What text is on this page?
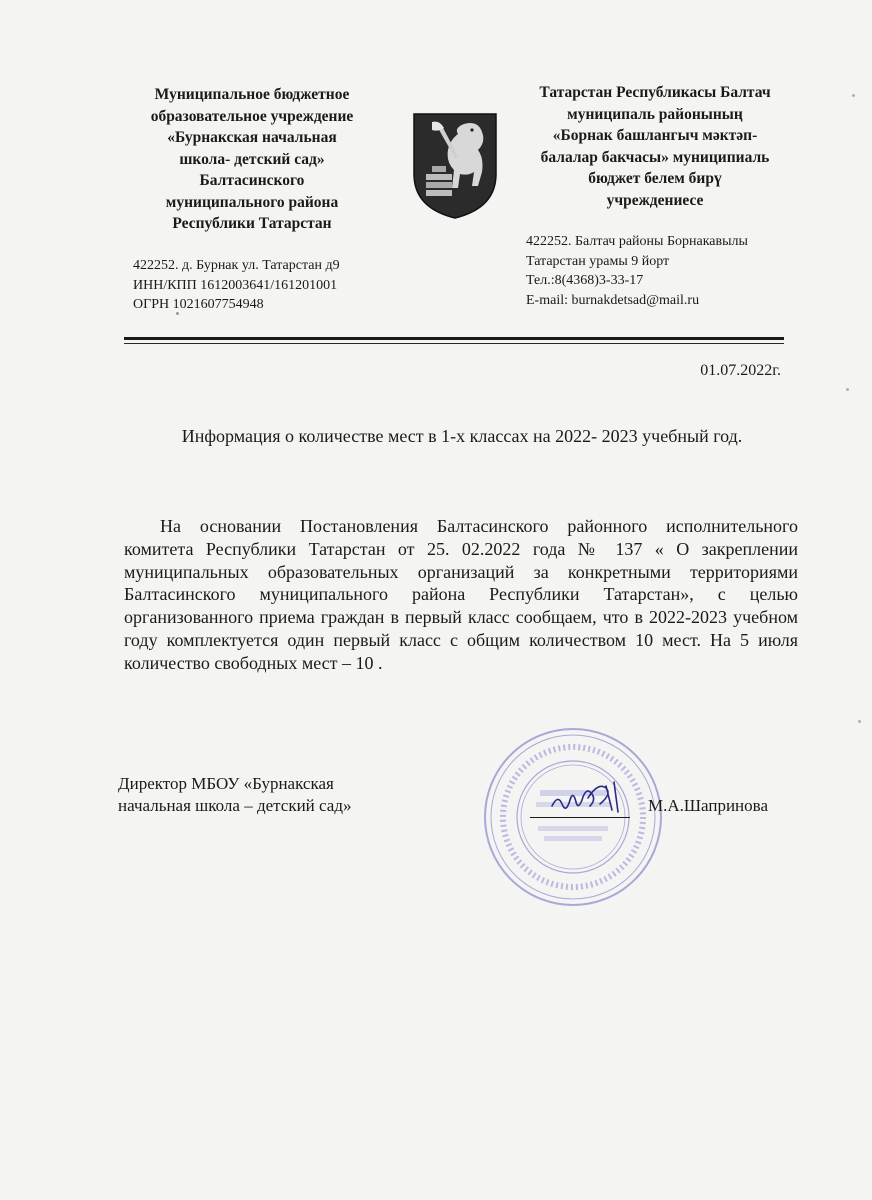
Муниципальное бюджетное
образовательное учреждение
«Бурнакская начальная
школа- детский сад»
Балтасинского
муниципального района
Республики Татарстан
422252. д. Бурнак ул. Татарстан д9
ИНН/КПП 1612003641/161201001
ОГРН 1021607754948
Татарстан Республикасы Балтач
муниципаль районының
«Борнак башлангыч мәктәп-
балалар бакчасы» муниципиаль
бюджет белем бирү
учреждениесе
422252. Балтач районы Борнакавылы
Татарстан урамы 9 йорт
Тел.:8(4368)3-33-17
E-mail: burnakdetsad@mail.ru
01.07.2022г.
Информация о количестве мест в 1-х классах на 2022- 2023 учебный год.
На основании Постановления Балтасинского районного исполнительного комитета Республики Татарстан от 25. 02.2022 года № 137 « О закреплении муниципальных образовательных организаций за конкретными территориями Балтасинского муниципального района Республики Татарстан», с целью организованного приема граждан в первый класс сообщаем, что в 2022-2023 учебном году комплектуется один первый класс с общим количеством 10 мест. На 5 июля количество свободных мест – 10 .
Директор МБОУ «Бурнакская
начальная школа – детский сад»	М.А.Шапринова
